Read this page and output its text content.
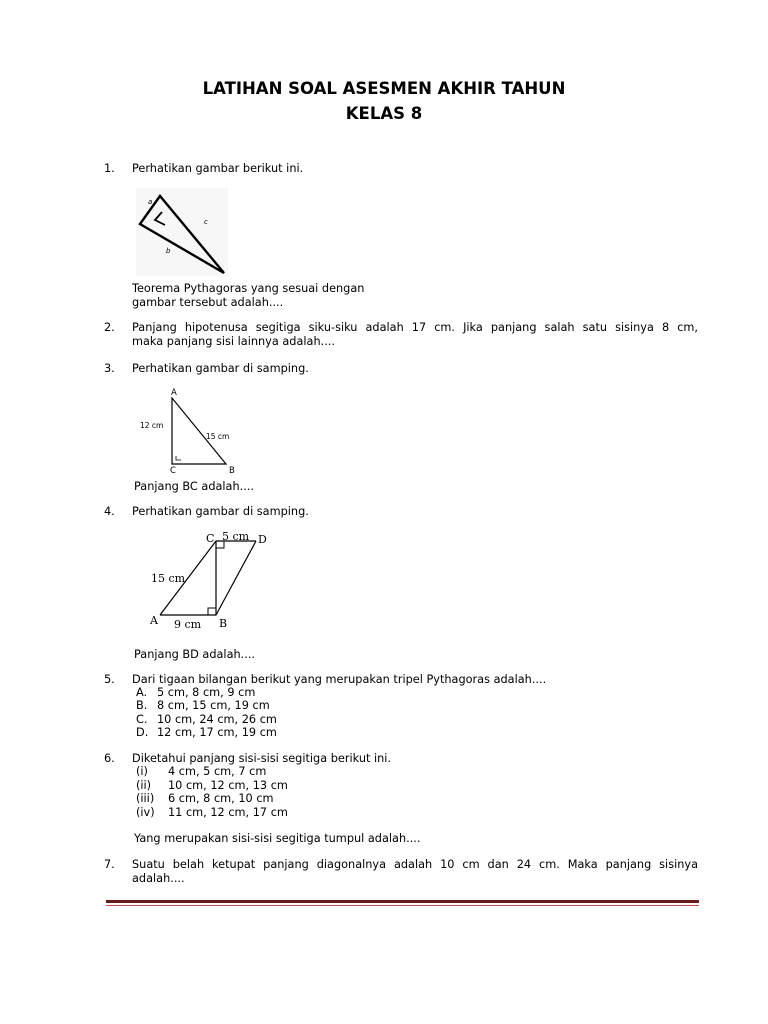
LATIHAN SOAL ASESMEN AKHIR TAHUN
KELAS 8
1. Perhatikan gambar berikut ini.
a
c
b
Teorema Pythagoras yang sesuai dengan
gambar tersebut adalah....
2. Panjang hipotenusa segitiga siku-siku adalah 17 cm. Jika panjang salah satu sisinya 8 cm,
maka panjang sisi lainnya adalah....
3. Perhatikan gambar di samping.
A
12 cm
15 cm
C	B
Panjang BC adalah....
4. Perhatikan gambar di samping.
C 5 cm D
15 cm
A 9 cm B
Panjang BD adalah....
5. Dari tigaan bilangan berikut yang merupakan tripel Pythagoras adalah....
A. 5 cm, 8 cm, 9 cm
B. 8 cm, 15 cm, 19 cm
C. 10 cm, 24 cm, 26 cm
D. 12 cm, 17 cm, 19 cm
6. Diketahui panjang sisi-sisi segitiga berikut ini.
(i) 4 cm, 5 cm, 7 cm
(ii) 10 cm, 12 cm, 13 cm
(iii) 6 cm, 8 cm, 10 cm
(iv) 11 cm, 12 cm, 17 cm
Yang merupakan sisi-sisi segitiga tumpul adalah....
7. Suatu belah ketupat panjang diagonalnya adalah 10 cm dan 24 cm. Maka panjang sisinya
adalah....
